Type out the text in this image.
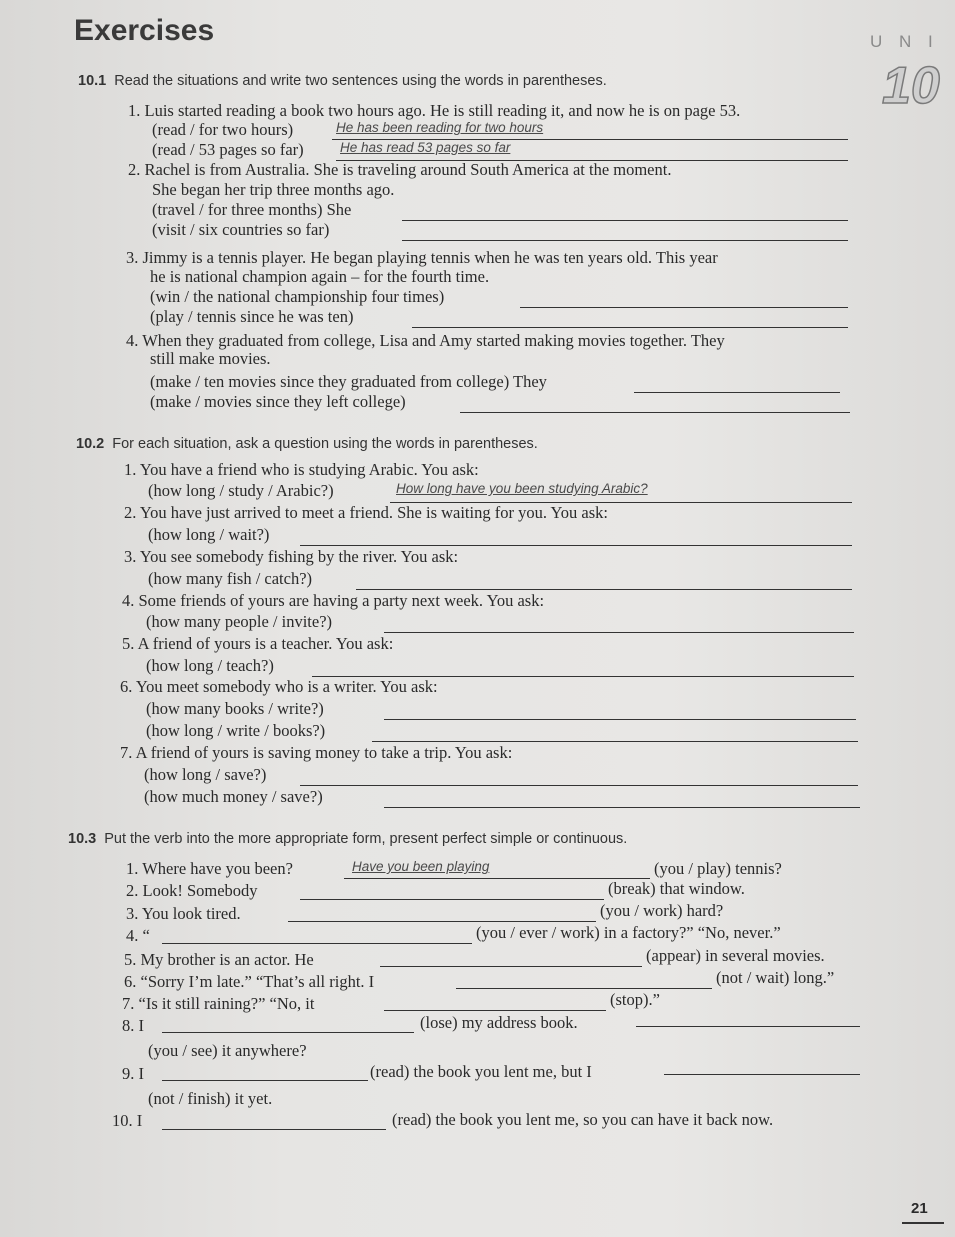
Exercises	U N I
10
10.1 Read the situations and write two sentences using the words in parentheses.
1. Luis started reading a book two hours ago. He is still reading it, and now he is on page 53.
(read / for two hours)	He has been reading for two hours
(read / 53 pages so far)	He has read 53 pages so far
2. Rachel is from Australia. She is traveling around South America at the moment.
She began her trip three months ago.
(travel / for three months) She
(visit / six countries so far)
3. Jimmy is a tennis player. He began playing tennis when he was ten years old. This year
he is national champion again – for the fourth time.
(win / the national championship four times)
(play / tennis since he was ten)
4. When they graduated from college, Lisa and Amy started making movies together. They
still make movies.
(make / ten movies since they graduated from college) They
(make / movies since they left college)
10.2 For each situation, ask a question using the words in parentheses.
1. You have a friend who is studying Arabic. You ask:
(how long / study / Arabic?)	How long have you been studying Arabic?
2. You have just arrived to meet a friend. She is waiting for you. You ask:
(how long / wait?)
3. You see somebody fishing by the river. You ask:
(how many fish / catch?)
4. Some friends of yours are having a party next week. You ask:
(how many people / invite?)
5. A friend of yours is a teacher. You ask:
(how long / teach?)
6. You meet somebody who is a writer. You ask:
(how many books / write?)
(how long / write / books?)
7. A friend of yours is saving money to take a trip. You ask:
(how long / save?)
(how much money / save?)
10.3 Put the verb into the more appropriate form, present perfect simple or continuous.
1. Where have you been?	Have you been playing	(you / play) tennis?
2. Look! Somebody	(break) that window.
3. You look tired.	(you / work) hard?
4. “	(you / ever / work) in a factory?” “No, never.”
5. My brother is an actor. He	(appear) in several movies.
6. “Sorry I’m late.” “That’s all right. I	(not / wait) long.”
7. “Is it still raining?” “No, it	(stop).”
8. I	(lose) my address book.
(you / see) it anywhere?
9. I	(read) the book you lent me, but I
(not / finish) it yet.
10. I	(read) the book you lent me, so you can have it back now.
21
